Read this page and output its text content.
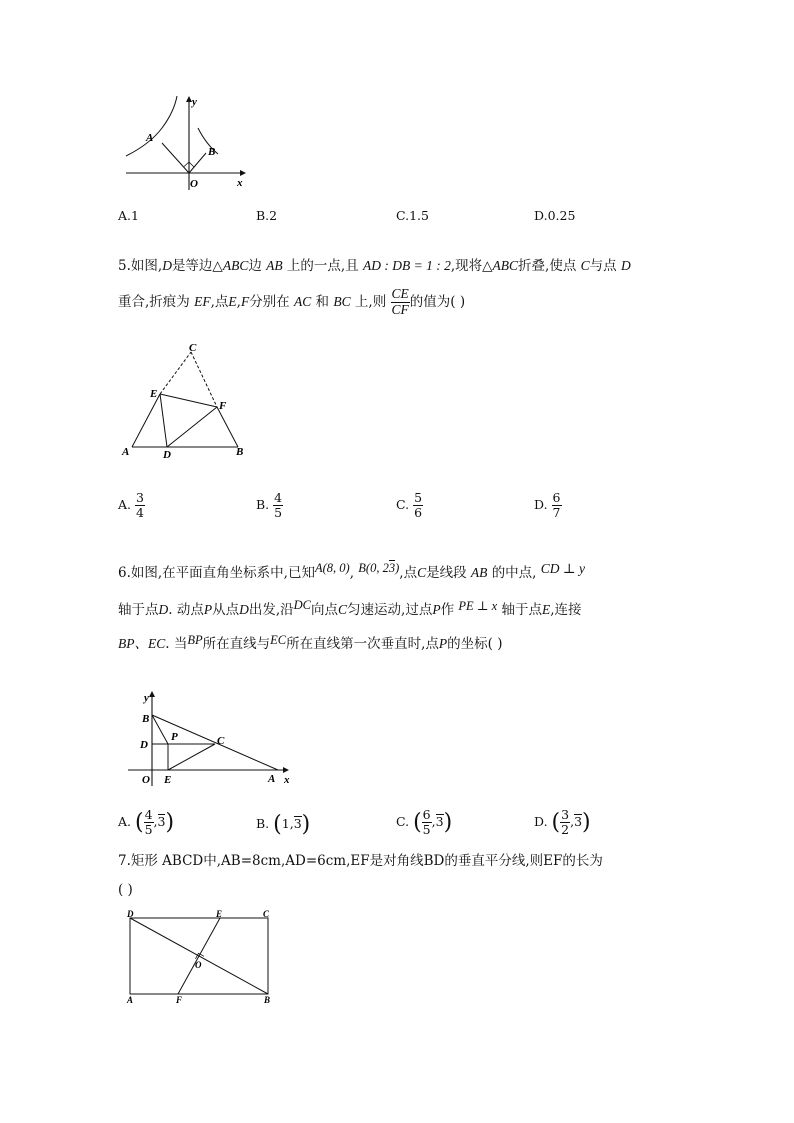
A
B
O	x
y
A.1	B.2	C.1.5	D.0.25
5.如图,D是等边△ABC边 AB 上的一点,且 AD : DB = 1 : 2,现将△ABC折叠,使点 C与点 D
重合,折痕为 EF,点E,F分别在 AC 和 BC 上,则 $\frac{CE}{CF}$ 的值为( )
C
E
F
A	D	B
A. $\frac{3}{4}$	B. $\frac{4}{5}$	C. $\frac{5}{6}$	D. $\frac{6}{7}$
6.如图,在平面直角坐标系中,已知A(8, 0), B(0, 23),点C是线段 AB 的中点, CD ⊥ y
轴于点D. 动点P从点D出发,沿DC向点C匀速运动,过点P作 PE ⊥ x 轴于点E,连接
BP、EC. 当BP所在直线与EC所在直线第一次垂直时,点P的坐标( )
y
B
D
P	C
O E	A x
A. ( $\frac{4}{5} ,3$)	B. (1,3)	C. ( $\frac{6}{5} ,3$)	D. ( $\frac{3}{2} ,3$)
7.矩形 ABCD中,AB=8cm,AD=6cm,EF是对角线BD的垂直平分线,则EF的长为
( )
D	E	C
O
A	F	B
